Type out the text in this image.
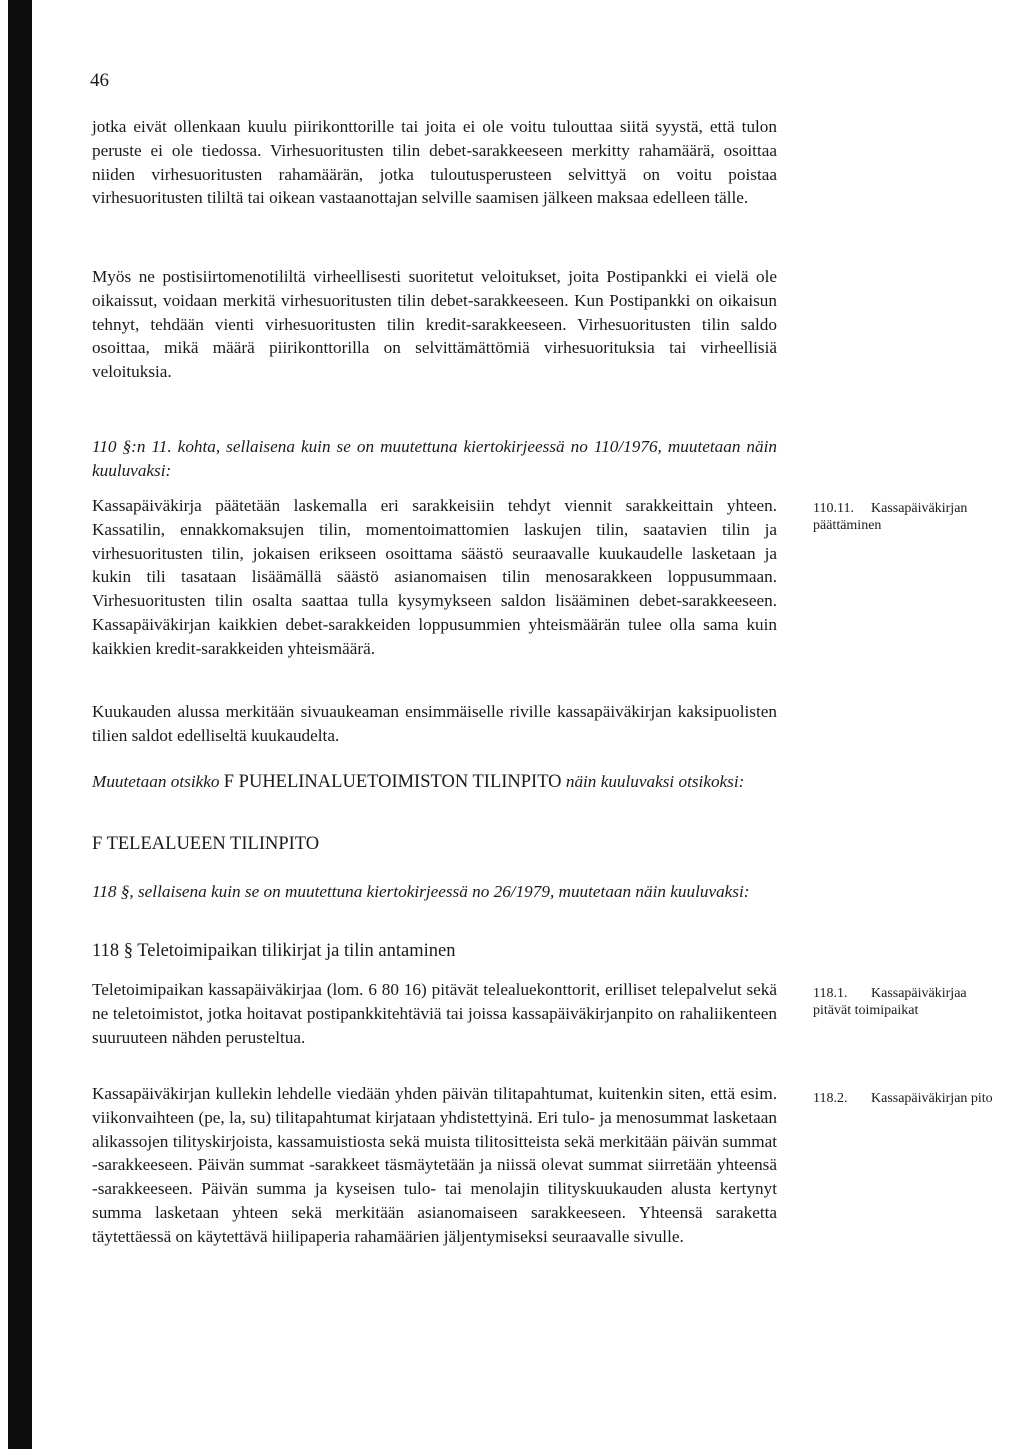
46

jotka eivät ollenkaan kuulu piirikonttorille tai joita ei ole voitu tulouttaa siitä syystä, että tulon peruste ei ole tiedossa. Virhesuoritusten tilin debet-sarakkeeseen merkitty rahamäärä, osoittaa niiden virhesuoritusten rahamäärän, jotka tuloutusperusteen selvittyä on voitu poistaa virhesuoritusten tililtä tai oikean vastaanottajan selville saamisen jälkeen maksaa edelleen tälle.

Myös ne postisiirtomenotililtä virheellisesti suoritetut veloitukset, joita Postipankki ei vielä ole oikaissut, voidaan merkitä virhesuoritusten tilin debet-sarakkeeseen. Kun Postipankki on oikaisun tehnyt, tehdään vienti virhesuoritusten tilin kredit-sarakkeeseen. Virhesuoritusten tilin saldo osoittaa, mikä määrä piirikonttorilla on selvittämättömiä virhesuorituksia tai virheellisiä veloituksia.

110 §:n 11. kohta, sellaisena kuin se on muutettuna kiertokirjeessä no 110/1976, muutetaan näin kuuluvaksi:

Kassapäiväkirja päätetään laskemalla eri sarakkeisiin tehdyt viennit sarakkeittain yhteen. Kassatilin, ennakkomaksujen tilin, momentoimattomien laskujen tilin, saatavien tilin ja virhesuoritusten tilin, jokaisen erikseen osoittama säästö seuraavalle kuukaudelle lasketaan ja kukin tili tasataan lisäämällä säästö asianomaisen tilin menosarakkeen loppusummaan. Virhesuoritusten tilin osalta saattaa tulla kysymykseen saldon lisääminen debet-sarakkeeseen. Kassapäiväkirjan kaikkien debet-sarakkeiden loppusummien yhteismäärän tulee olla sama kuin kaikkien kredit-sarakkeiden yhteismäärä.

Kuukauden alussa merkitään sivuaukeaman ensimmäiselle riville kassapäiväkirjan kaksipuolisten tilien saldot edelliseltä kuukaudelta.

Muutetaan otsikko F PUHELINALUETOIMISTON TILINPITO näin kuuluvaksi otsikoksi:

F TELEALUEEN TILINPITO

118 §, sellaisena kuin se on muutettuna kiertokirjeessä no 26/1979, muutetaan näin kuuluvaksi:

118 § Teletoimipaikan tilikirjat ja tilin antaminen

Teletoimipaikan kassapäiväkirjaa (lom. 6 80 16) pitävät telealuekonttorit, erilliset telepalvelut sekä ne teletoimistot, jotka hoitavat postipankkitehtäviä tai joissa kassapäiväkirjanpito on rahaliikenteen suuruuteen nähden perusteltua.

Kassapäiväkirjan kullekin lehdelle viedään yhden päivän tilitapahtumat, kuitenkin siten, että esim. viikonvaihteen (pe, la, su) tilitapahtumat kirjataan yhdistettyinä. Eri tulo- ja menosummat lasketaan alikassojen tilityskirjoista, kassamuistiosta sekä muista tilitositteista sekä merkitään päivän summat -sarakkeeseen. Päivän summat -sarakkeet täsmäytetään ja niissä olevat summat siirretään yhteensä -sarakkeeseen. Päivän summa ja kyseisen tulo- tai menolajin tilityskuukauden alusta kertynyt summa lasketaan yhteen sekä merkitään asianomaiseen sarakkeeseen. Yhteensä saraketta täytettäessä on käytettävä hiilipaperia rahamäärien jäljentymiseksi seuraavalle sivulle.

110.11. Kassapäiväkirjan päättäminen

118.1. Kassapäiväkirjaa pitävät toimipaikat

118.2. Kassapäiväkirjan pito
